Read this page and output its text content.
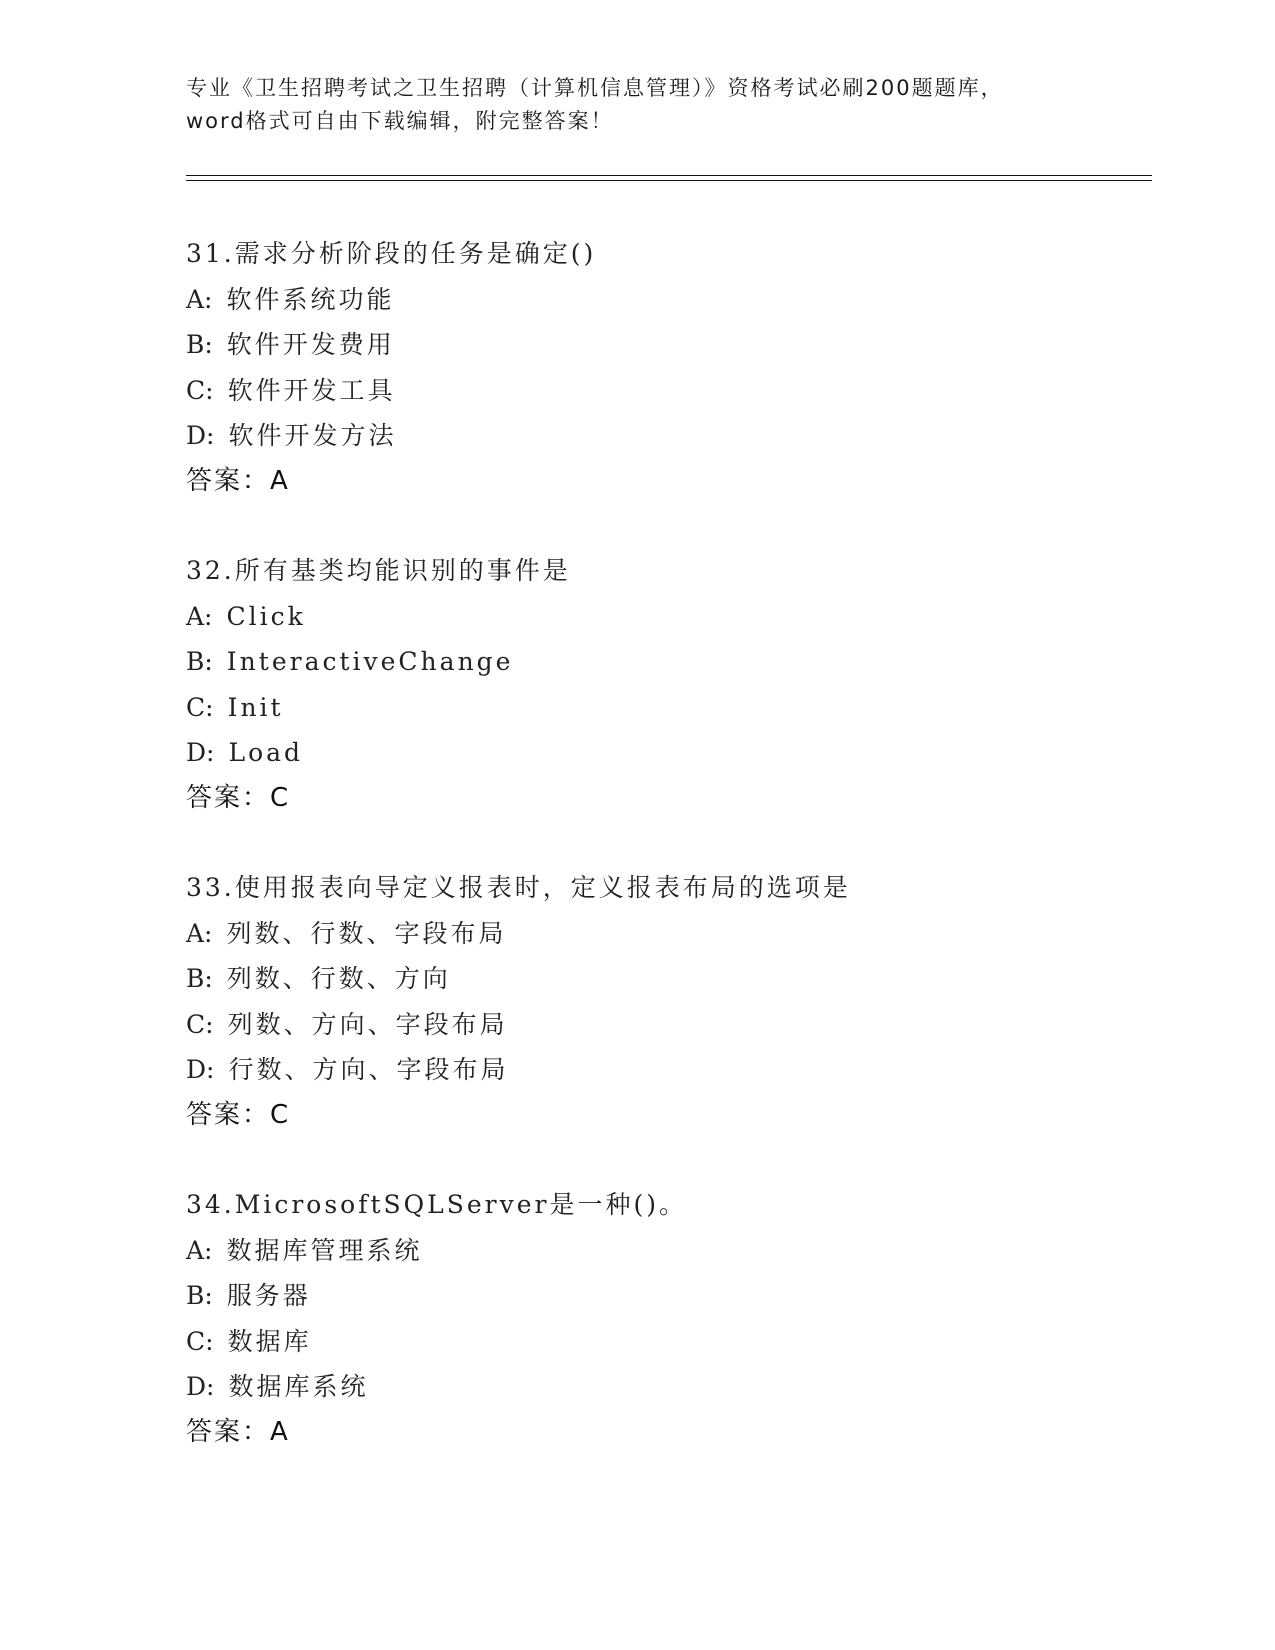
专业《卫生招聘考试之卫生招聘（计算机信息管理）》资格考试必刷200题题库，
word格式可自由下载编辑，附完整答案！
31.需求分析阶段的任务是确定()
A: 软件系统功能
B: 软件开发费用
C: 软件开发工具
D: 软件开发方法
答案：A
32.所有基类均能识别的事件是
A: Click
B: InteractiveChange
C: Init
D: Load
答案：C
33.使用报表向导定义报表时，定义报表布局的选项是
A: 列数、行数、字段布局
B: 列数、行数、方向
C: 列数、方向、字段布局
D: 行数、方向、字段布局
答案：C
34.MicrosoftSQLServer是一种()。
A: 数据库管理系统
B: 服务器
C: 数据库
D: 数据库系统
答案：A
